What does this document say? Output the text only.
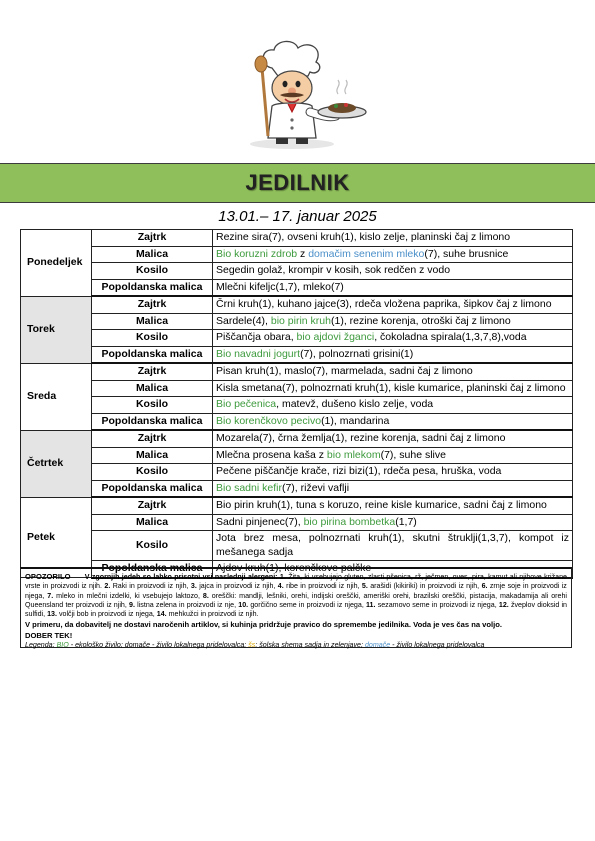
JEDILNIK
13.01.– 17. januar 2025
Ponedeljek	Zajtrk	Rezine sira(7), ovseni kruh(1), kislo zelje, planinski čaj z limono
	Malica	Bio koruzni zdrob z domačim senenim mleko(7), suhe brusnice
	Kosilo	Segedin golaž, krompir v kosih, sok redčen z vodo
	Popoldanska malica	Mlečni kifeljc(1,7), mleko(7)
Torek	Zajtrk	Črni kruh(1), kuhano jajce(3), rdeča vložena paprika, šipkov čaj z limono
	Malica	Sardele(4), bio pirin kruh(1), rezine korenja, otroški čaj z limono
	Kosilo	Piščančja obara, bio ajdovi žganci, čokoladna spirala(1,3,7,8),voda
	Popoldanska malica	Bio navadni jogurt(7), polnozrnati grisini(1)
Sreda	Zajtrk	Pisan kruh(1), maslo(7), marmelada, sadni čaj z limono
	Malica	Kisla smetana(7), polnozrnati kruh(1), kisle kumarice, planinski čaj z limono
	Kosilo	Bio pečenica, matevž, dušeno kislo zelje, voda
	Popoldanska malica	Bio korenčkovo pecivo(1), mandarina
Četrtek	Zajtrk	Mozarela(7), črna žemlja(1), rezine korenja, sadni čaj z limono
	Malica	Mlečna prosena kaša z bio mlekom(7), suhe slive
	Kosilo	Pečene piščančje krače, rizi bizi(1), rdeča pesa, hruška, voda
	Popoldanska malica	Bio sadni kefir(7), riževi vaflji
Petek	Zajtrk	Bio pirin kruh(1), tuna s koruzo, reine kisle kumarice, sadni čaj z limono
	Malica	Sadni pinjenec(7), bio pirina bombetka(1,7)
	Kosilo	Jota brez mesa, polnozrnati kruh(1), skutni štruklji(1,3,7), kompot iz mešanega sadja
	Popoldanska malica	Ajdov kruh(1), korenčkove palčke
OPOZORILO V zgornjih jedeh so lahko prisotni vsi naslednji alergeni: 1. Žita, ki vsebujejo gluten, zlasti pšenica, rž, ječmen, oves, pira, kamut ali njihove križane vrste in proizvodi iz njih. 2. Raki in proizvodi iz njih, 3. jajca in proizvodi iz njih, 4. ribe in proizvodi iz njih, 5. arašidi (kikiriki) in proizvodi iz njih, 6. zrnje soje in proizvodi iz njega, 7. mleko in mlečni izdelki, ki vsebujejo laktozo, 8. oreščki: mandlji, lešniki, orehi, indijski oreščki, ameriški orehi, brazilski oreščki, pistacija, makadamija ali orehi Queensland ter proizvodi iz njih, 9. listna zelena in proizvodi iz nje, 10. gorčično seme in proizvodi iz njega, 11. sezamovo seme in proizvodi iz njega, 12. žveplov dioksid in sulfidi, 13. volčji bob in proizvodi iz njega, 14. mehkužci in proizvodi iz njih.
V primeru, da dobavitelj ne dostavi naročenih artiklov, si kuhinja pridržuje pravico do spremembe jedilnika. Voda je ves čas na voljo.
DOBER TEK!
Legenda: BIO - ekološko živilo; domače - živilo lokalnega pridelovalca; šs: šolska shema sadja in zelenjave; domače - živilo lokalnega pridelovalca
